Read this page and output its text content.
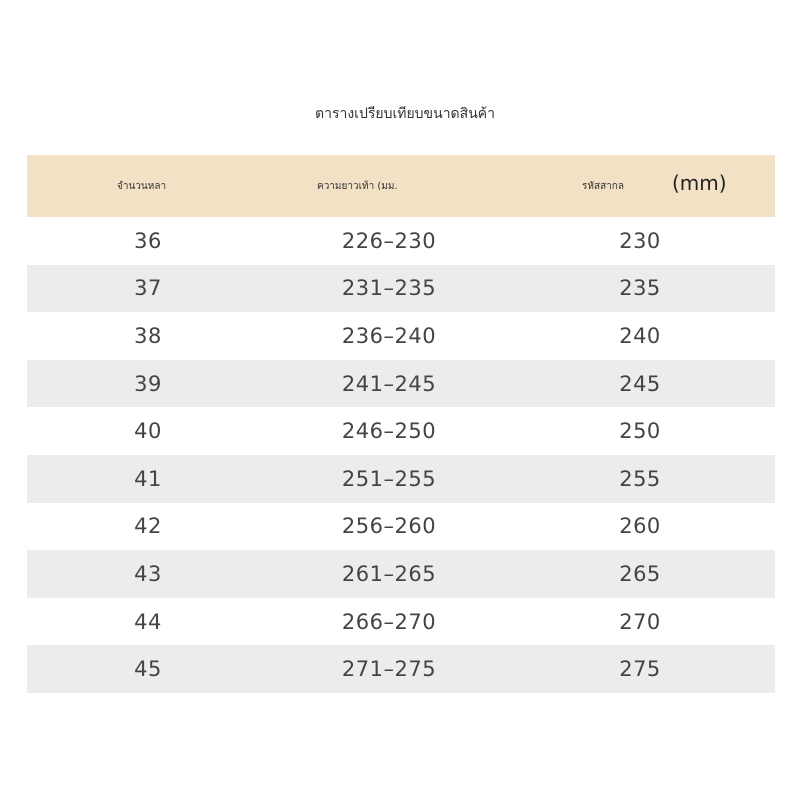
ตารางเปรียบเทียบขนาดสินค้า
จำนวนหลา	ความยาวเท้า (มม.	รหัสสากล (mm)
36	226–230	230
37	231–235	235
38	236–240	240
39	241–245	245
40	246–250	250
41	251–255	255
42	256–260	260
43	261–265	265
44	266–270	270
45	271–275	275
